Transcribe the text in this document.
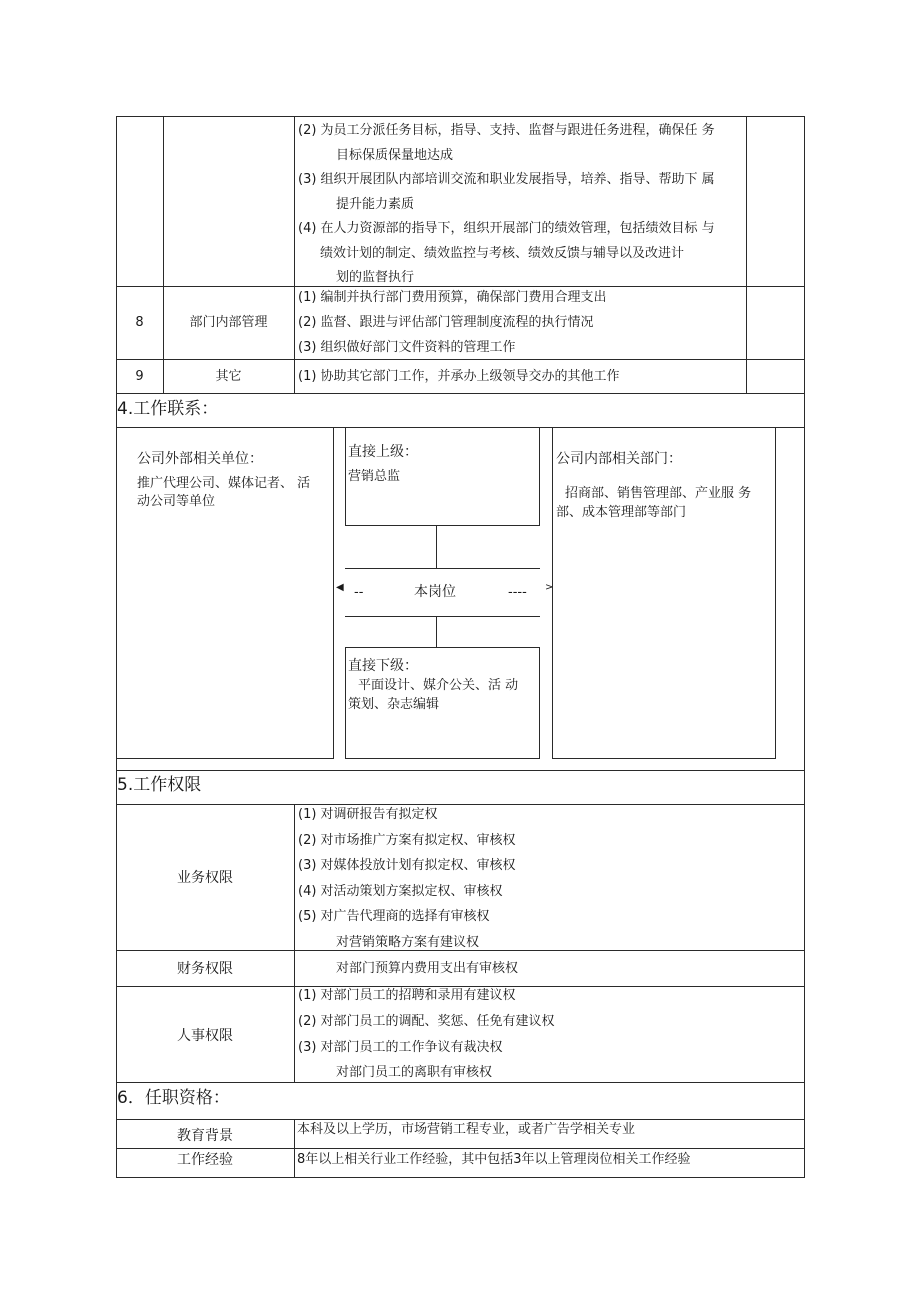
(2) 为员工分派任务目标，指导、支持、监督与跟进任务进程，确保任 务
目标保质保量地达成
(3) 组织开展团队内部培训交流和职业发展指导，培养、指导、帮助下 属
提升能力素质
(4) 在人力资源部的指导下，组织开展部门的绩效管理，包括绩效目标 与
绩效计划的制定、绩效监控与考核、绩效反馈与辅导以及改进计
划的监督执行
8	部门内部管理
(1) 编制并执行部门费用预算，确保部门费用合理支出
(2) 监督、跟进与评估部门管理制度流程的执行情况
(3) 组织做好部门文件资料的管理工作
9	其它	(1) 协助其它部门工作，并承办上级领导交办的其他工作
4.工作联系：
公司外部相关单位：
推广代理公司、媒体记者、 活
动公司等单位
直接上级：
营销总监
◀ --	本岗位	---- >
直接下级：
平面设计、媒介公关、活 动
策划、杂志编辑
公司内部相关部门：
招商部、销售管理部、产业服 务
部、成本管理部等部门
5.工作权限
业务权限
(1) 对调研报告有拟定权
(2) 对市场推广方案有拟定权、审核权
(3) 对媒体投放计划有拟定权、审核权
(4) 对活动策划方案拟定权、审核权
(5) 对广告代理商的选择有审核权
对营销策略方案有建议权
财务权限	对部门预算内费用支出有审核权
人事权限
(1) 对部门员工的招聘和录用有建议权
(2) 对部门员工的调配、奖惩、任免有建议权
(3) 对部门员工的工作争议有裁决权
对部门员工的离职有审核权
6．任职资格：
教育背景	本科及以上学历，市场营销工程专业，或者广告学相关专业
工作经验	8年以上相关行业工作经验，其中包括3年以上管理岗位相关工作经验
